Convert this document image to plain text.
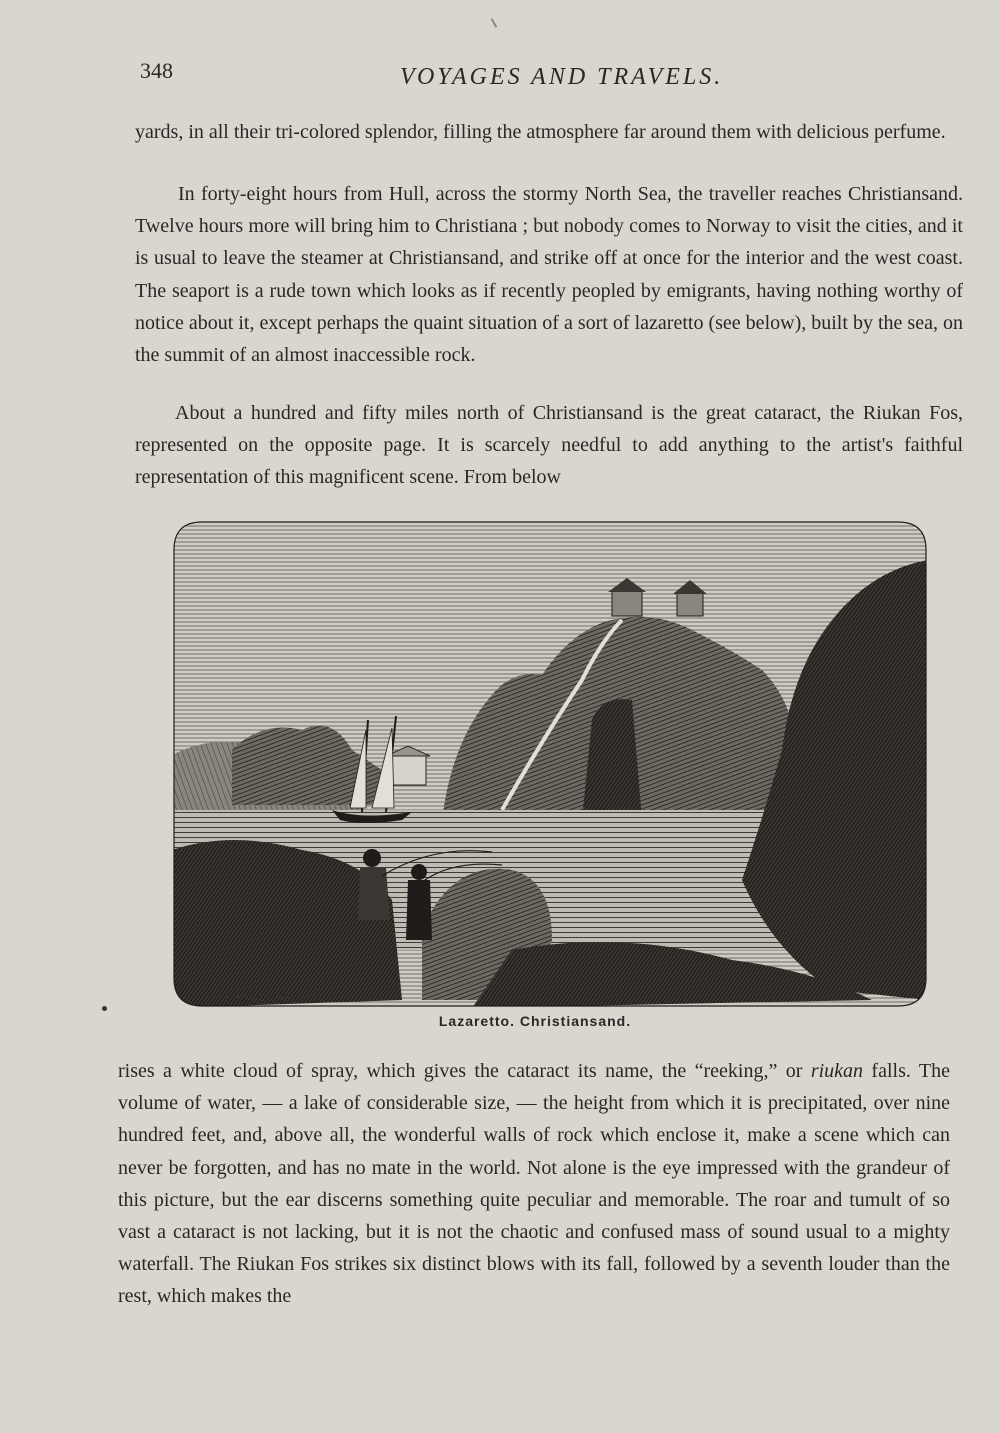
348	VOYAGES AND TRAVELS.
yards, in all their tri-colored splendor, filling the atmosphere far around them with delicious perfume.
In forty-eight hours from Hull, across the stormy North Sea, the traveller reaches Christiansand. Twelve hours more will bring him to Christiana ; but nobody comes to Norway to visit the cities, and it is usual to leave the steamer at Christiansand, and strike off at once for the interior and the west coast. The seaport is a rude town which looks as if recently peopled by emigrants, having nothing worthy of notice about it, except perhaps the quaint situation of a sort of lazaretto (see below), built by the sea, on the summit of an almost inaccessible rock.
About a hundred and fifty miles north of Christiansand is the great cataract, the Riukan Fos, represented on the opposite page. It is scarcely needful to add anything to the artist's faithful representation of this magnificent scene. From below
G.GAUCHARD.
Lazaretto. Christiansand.
rises a white cloud of spray, which gives the cataract its name, the “reeking,” or riukan falls. The volume of water, — a lake of considerable size, — the height from which it is precipitated, over nine hundred feet, and, above all, the wonderful walls of rock which enclose it, make a scene which can never be forgotten, and has no mate in the world. Not alone is the eye impressed with the grandeur of this picture, but the ear discerns something quite peculiar and memorable. The roar and tumult of so vast a cataract is not lacking, but it is not the chaotic and confused mass of sound usual to a mighty waterfall. The Riukan Fos strikes six distinct blows with its fall, followed by a seventh louder than the rest, which makes the
